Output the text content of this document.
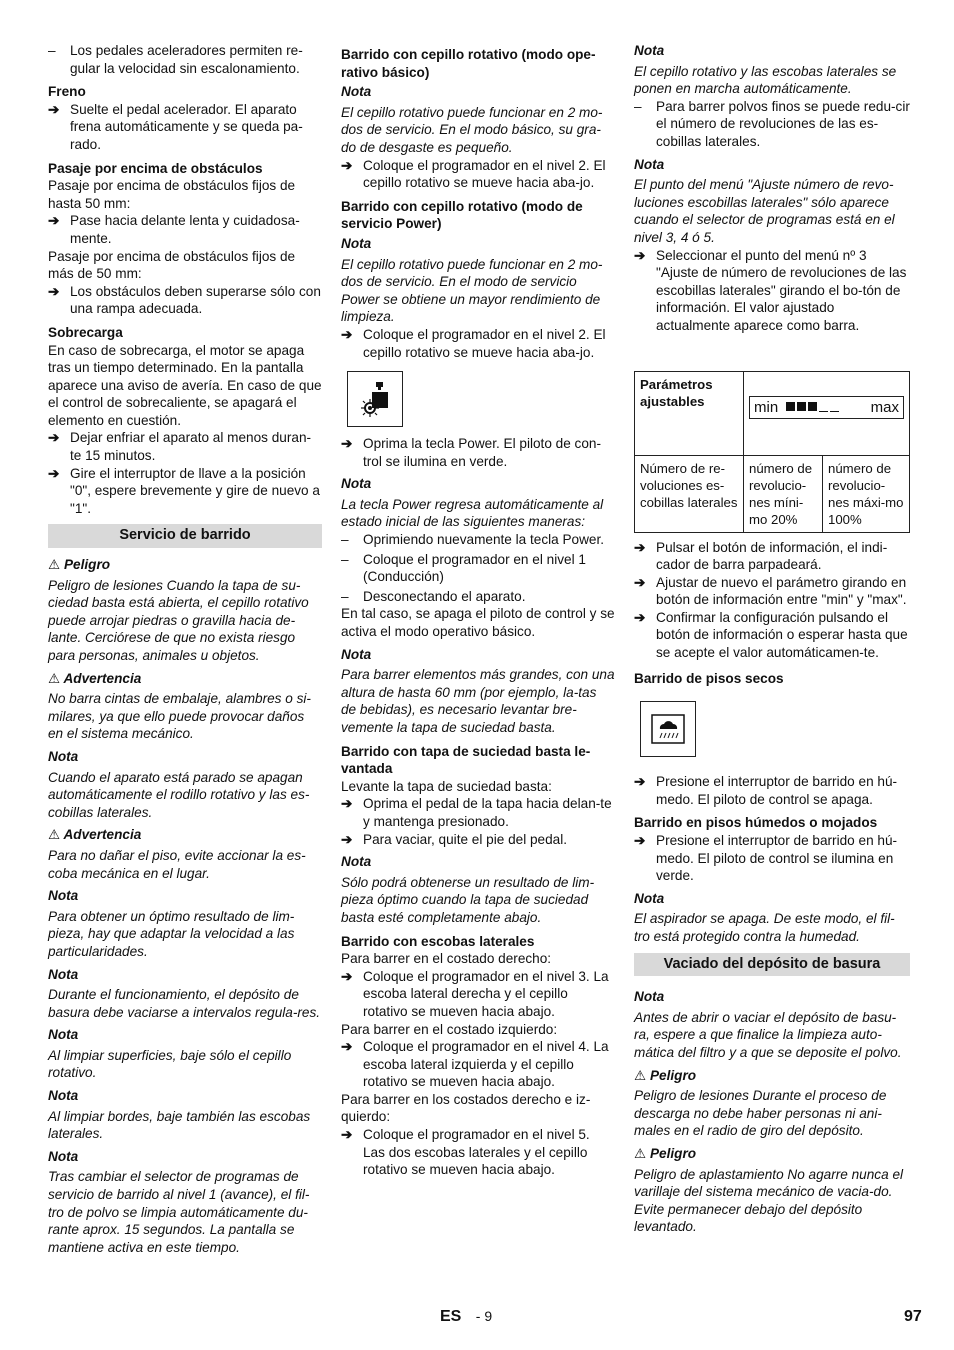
–	Los pedales aceleradores permiten re-gular la velocidad sin escalonamiento.

Freno

➔ Suelte el pedal acelerador. El aparato frena automáticamente y se queda pa-rado.

Pasaje por encima de obstáculos

Pasaje por encima de obstáculos fijos de hasta 50 mm:

➔ Pase hacia delante lenta y cuidadosa-mente.

Pasaje por encima de obstáculos fijos de más de 50 mm:

➔ Los obstáculos deben superarse sólo con una rampa adecuada.

Sobrecarga

En caso de sobrecarga, el motor se apaga tras un tiempo determinado. En la pantalla aparece una aviso de avería. En caso de que el control de sobrecaliente, se apagará el elemento en cuestión.

➔ Dejar enfriar el aparato al menos duran-te 15 minutos.
➔ Gire el interruptor de llave a la posición "0", espere brevemente y gire de nuevo a "1".
Servicio de barrido

⚠ Peligro

Peligro de lesiones Cuando la tapa de su-ciedad basta está abierta, el cepillo rotativo puede arrojar piedras o gravilla hacia de-lante. Cerciórese de que no exista riesgo para personas, animales u objetos.

⚠ Advertencia

No barra cintas de embalaje, alambres o si-milares, ya que ello puede provocar daños en el sistema mecánico.

Nota

Cuando el aparato está parado se apagan automáticamente el rodillo rotativo y las es-cobillas laterales.

⚠ Advertencia

Para no dañar el piso, evite accionar la es-coba mecánica en el lugar.

Nota

Para obtener un óptimo resultado de lim-pieza, hay que adaptar la velocidad a las particularidades.

Nota

Durante el funcionamiento, el depósito de basura debe vaciarse a intervalos regula-res.

Nota

Al limpiar superficies, baje sólo el cepillo rotativo.

Nota

Al limpiar bordes, baje también las escobas laterales.

Nota

Tras cambiar el selector de programas de servicio de barrido al nivel 1 (avance), el fil-tro de polvo se limpia automáticamente du-rante aprox. 15 segundos. La pantalla se mantiene activa en este tiempo.

Barrido con cepillo rotativo (modo ope-rativo básico)

Nota

El cepillo rotativo puede funcionar en 2 mo-dos de servicio. En el modo básico, su gra-do de desgaste es pequeño.

➔ Coloque el programador en el nivel 2. El cepillo rotativo se mueve hacia aba-jo.

Barrido con cepillo rotativo (modo de servicio Power)

Nota

El cepillo rotativo puede funcionar en 2 mo-dos de servicio. En el modo de servicio Power se obtiene un mayor rendimiento de limpieza.

➔ Coloque el programador en el nivel 2. El cepillo rotativo se mueve hacia aba-jo.
➔ Oprima la tecla Power. El piloto de con-trol se ilumina en verde.

Nota

La tecla Power regresa automáticamente al estado inicial de las siguientes maneras:

–	Oprimiendo nuevamente la tecla Power.
–	Coloque el programador en el nivel 1 (Conducción)
–	Desconectando el aparato.

En tal caso, se apaga el piloto de control y se activa el modo operativo básico.

Nota

Para barrer elementos más grandes, con una altura de hasta 60 mm (por ejemplo, la-tas de bebidas), es necesario levantar bre-vemente la tapa de suciedad basta.

Barrido con tapa de suciedad basta le-vantada

Levante la tapa de suciedad basta:

➔ Oprima el pedal de la tapa hacia delan-te y mantenga presionado.
➔ Para vaciar, quite el pie del pedal.

Nota

Sólo podrá obtenerse un resultado de lim-pieza óptimo cuando la tapa de suciedad basta esté completamente abajo.

Barrido con escobas laterales

Para barrer en el costado derecho:

➔ Coloque el programador en el nivel 3. La escoba lateral derecha y el cepillo rotativo se mueven hacia abajo.

Para barrer en el costado izquierdo:

➔ Coloque el programador en el nivel 4. La escoba lateral izquierda y el cepillo rotativo se mueven hacia abajo.

Para barrer en los costados derecho e iz-quierdo:

➔ Coloque el programador en el nivel 5. Las dos escobas laterales y el cepillo rotativo se mueven hacia abajo.

Nota

El cepillo rotativo y las escobas laterales se ponen en marcha automáticamente.

–	Para barrer polvos finos se puede redu-cir el número de revoluciones de las es-cobillas laterales.

Nota

El punto del menú "Ajuste número de revo-luciones escobillas laterales" sólo aparece cuando el selector de programas está en el nivel 3, 4 ó 5.

➔ Seleccionar el punto del menú nº 3 "Ajuste de número de revoluciones de las escobillas laterales" girando el bo-tón de información. El valor ajustado actualmente aparece como barra.
Parámetros ajustables	min max	

Número de re-voluciones es-cobillas laterales	número de revolucio-nes míni-mo 20%	número de revolucio-nes máxi-mo 100%
➔ Pulsar el botón de información, el indi-cador de barra parpadeará.
➔ Ajustar de nuevo el parámetro girando en botón de información entre "min" y "max".
➔ Confirmar la configuración pulsando el botón de información o esperar hasta que se acepte el valor automáticamen-te.

Barrido de pisos secos

➔ Presione el interruptor de barrido en hú-medo. El piloto de control se apaga.

Barrido en pisos húmedos o mojados

➔ Presione el interruptor de barrido en hú-medo. El piloto de control se ilumina en verde.

Nota

El aspirador se apaga. De este modo, el fil-tro está protegido contra la humedad.

Vaciado del depósito de basura

Nota

Antes de abrir o vaciar el depósito de basu-ra, espere a que finalice la limpieza auto-mática del filtro y a que se deposite el polvo.

⚠ Peligro

Peligro de lesiones Durante el proceso de descarga no debe haber personas ni ani-males en el radio de giro del depósito.

⚠ Peligro

Peligro de aplastamiento No agarre nunca el varillaje del sistema mecánico de vacia-do. Evite permanecer debajo del depósito levantado.

ES - 9	97
